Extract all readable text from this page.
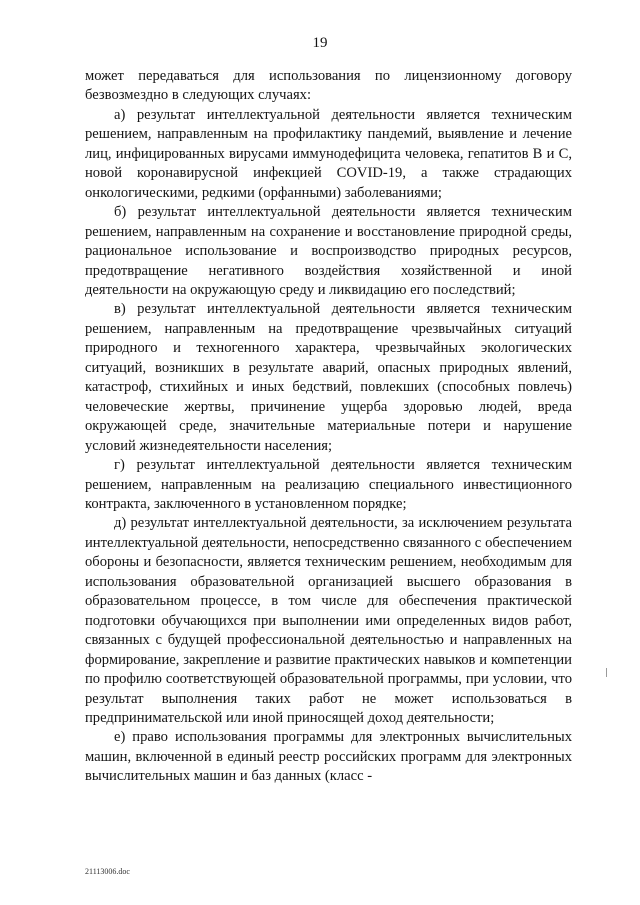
19

может передаваться для использования по лицензионному договору безвозмездно в следующих случаях:

а) результат интеллектуальной деятельности является техническим решением, направленным на профилактику пандемий, выявление и лечение лиц, инфицированных вирусами иммунодефицита человека, гепатитов В и С, новой коронавирусной инфекцией COVID-19, а также страдающих онкологическими, редкими (орфанными) заболеваниями;

б) результат интеллектуальной деятельности является техническим решением, направленным на сохранение и восстановление природной среды, рациональное использование и воспроизводство природных ресурсов, предотвращение негативного воздействия хозяйственной и иной деятельности на окружающую среду и ликвидацию его последствий;

в) результат интеллектуальной деятельности является техническим решением, направленным на предотвращение чрезвычайных ситуаций природного и техногенного характера, чрезвычайных экологических ситуаций, возникших в результате аварий, опасных природных явлений, катастроф, стихийных и иных бедствий, повлекших (способных повлечь) человеческие жертвы, причинение ущерба здоровью людей, вреда окружающей среде, значительные материальные потери и нарушение условий жизнедеятельности населения;

г) результат интеллектуальной деятельности является техническим решением, направленным на реализацию специального инвестиционного контракта, заключенного в установленном порядке;

д) результат интеллектуальной деятельности, за исключением результата интеллектуальной деятельности, непосредственно связанного с обеспечением обороны и безопасности, является техническим решением, необходимым для использования образовательной организацией высшего образования в образовательном процессе, в том числе для обеспечения практической подготовки обучающихся при выполнении ими определенных видов работ, связанных с будущей профессиональной деятельностью и направленных на формирование, закрепление и развитие практических навыков и компетенции по профилю соответствующей образовательной программы, при условии, что результат выполнения таких работ не может использоваться в предпринимательской или иной приносящей доход деятельности;

е) право использования программы для электронных вычислительных машин, включенной в единый реестр российских программ для электронных вычислительных машин и баз данных (класс -

21113006.doc
